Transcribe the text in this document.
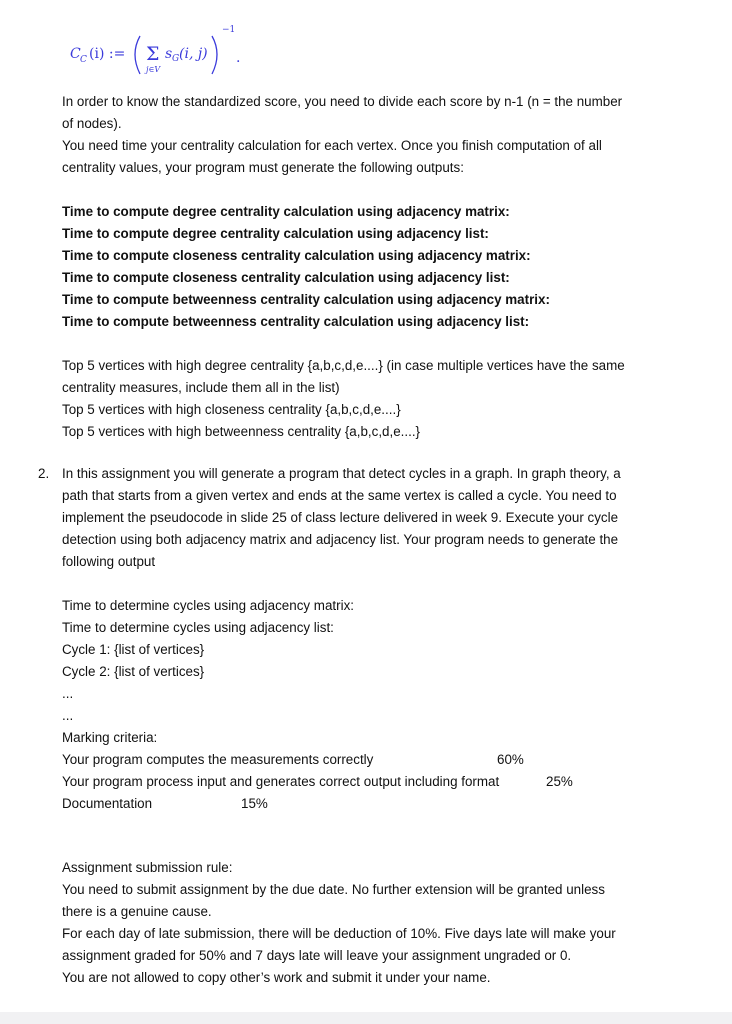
C C (i) := Σ
j∈V
s G (i, j)
−1
.
In order to know the standardized score, you need to divide each score by n-1 (n = the number
of nodes).
You need time your centrality calculation for each vertex. Once you finish computation of all
centrality values, your program must generate the following outputs:
Time to compute degree centrality calculation using adjacency matrix:
Time to compute degree centrality calculation using adjacency list:
Time to compute closeness centrality calculation using adjacency matrix:
Time to compute closeness centrality calculation using adjacency list:
Time to compute betweenness centrality calculation using adjacency matrix:
Time to compute betweenness centrality calculation using adjacency list:
Top 5 vertices with high degree centrality {a,b,c,d,e....} (in case multiple vertices have the same
centrality measures, include them all in the list)
Top 5 vertices with high closeness centrality {a,b,c,d,e....}
Top 5 vertices with high betweenness centrality {a,b,c,d,e....}
2. In this assignment you will generate a program that detect cycles in a graph. In graph theory, a
path that starts from a given vertex and ends at the same vertex is called a cycle. You need to
implement the pseudocode in slide 25 of class lecture delivered in week 9. Execute your cycle
detection using both adjacency matrix and adjacency list. Your program needs to generate the
following output
Time to determine cycles using adjacency matrix:
Time to determine cycles using adjacency list:
Cycle 1: {list of vertices}
Cycle 2: {list of vertices}
...
...
Marking criteria:
Your program computes the measurements correctly	60%
Your program process input and generates correct output including format	25%
Documentation	15%
Assignment submission rule:
You need to submit assignment by the due date. No further extension will be granted unless
there is a genuine cause.
For each day of late submission, there will be deduction of 10%. Five days late will make your
assignment graded for 50% and 7 days late will leave your assignment ungraded or 0.
You are not allowed to copy other’s work and submit it under your name.
